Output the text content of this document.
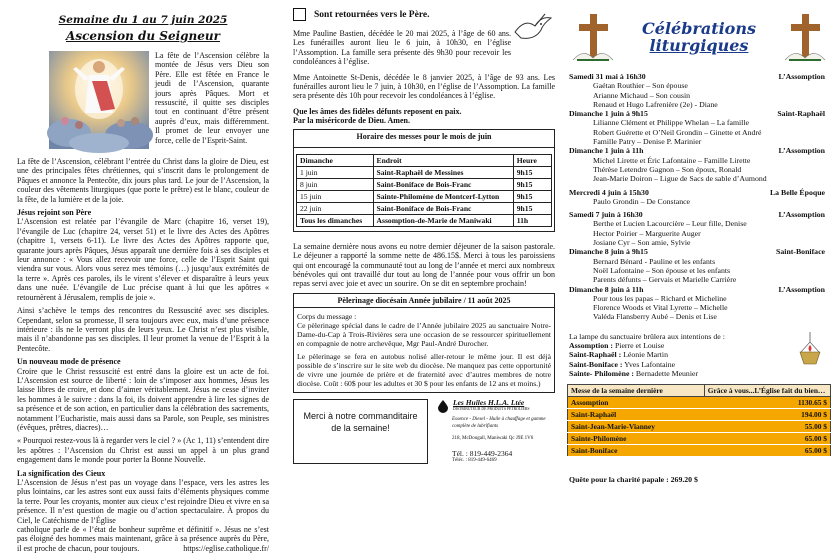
Semaine du 1 au 7 juin 2025
Ascension du Seigneur

La fête de l’Ascension célèbre la montée de Jésus vers Dieu son Père. Elle est fêtée en France le jeudi de l’Ascension, quarante jours après Pâques. Mort et ressuscité, il quitte ses disciples tout en continuant d’être présent auprès d’eux, mais différemment. Il promet de leur envoyer une force, celle de l’Esprit-Saint.

La fête de l’Ascension, célébrant l’entrée du Christ dans la gloire de Dieu, est une des principales fêtes chrétiennes, qui s’inscrit dans le prolongement de Pâques et annonce la Pentecôte, dix jours plus tard. Le jour de l’Ascension, la couleur des vêtements liturgiques (que porte le prêtre) est le blanc, couleur de la fête, de la lumière et de la joie.

Jésus rejoint son Père

L’Ascension est relatée par l’évangile de Marc (chapitre 16, verset 19), l’évangile de Luc (chapitre 24, verset 51) et le livre des Actes des Apôtres (chapitre 1, versets 6-11). Le livre des Actes des Apôtres rapporte que, quarante jours après Pâques, Jésus apparaît une dernière fois à ses disciples et leur annonce : « Vous allez recevoir une force, celle de l’Esprit Saint qui viendra sur vous. Alors vous serez mes témoins (…) jusqu’aux extrémités de la terre ». Après ces paroles, ils le virent s’élever et disparaître à leurs yeux dans une nuée. L’évangile de Luc précise quant à lui que les apôtres « retournèrent à Jérusalem, remplis de joie ».

Ainsi s’achève le temps des rencontres du Ressuscité avec ses disciples. Cependant, selon sa promesse, Il sera toujours avec eux, mais d’une présence intérieure : ils ne le verront plus de leurs yeux. Le Christ n’est plus visible, mais il n’abandonne pas ses disciples. Il leur promet la venue de l’Esprit à la Pentecôte.

Un nouveau mode de présence

Croire que le Christ ressuscité est entré dans la gloire est un acte de foi. L’Ascension est source de liberté : loin de s’imposer aux hommes, Jésus les laisse libres de croire, et donc d’aimer véritablement. Jésus ne cesse d’inviter les hommes à le suivre : dans la foi, ils doivent apprendre à lire les signes de sa présence et de son action, en particulier dans la célébration des sacrements, notamment l’Eucharistie, mais aussi dans sa Parole, son Peuple, ses ministres (évêques, prêtres, diacres)…

« Pourquoi restez-vous là à regarder vers le ciel ? » (Ac 1, 11) s’entendent dire les apôtres : l’Ascension du Christ est aussi un appel à un plus grand engagement dans le monde pour porter la Bonne Nouvelle.

La signification des Cieux

L’Ascension de Jésus n’est pas un voyage dans l’espace, vers les astres les plus lointains, car les astres sont eux aussi faits d’éléments physiques comme la terre. Pour les croyants, monter aux cieux c’est rejoindre Dieu et vivre en sa présence. Il n’est question de magie ou d’action spectaculaire. À propos du Ciel, le Catéchisme de l’Église

catholique parle de « l’état de bonheur suprême et définitif ». Jésus ne s’est pas éloigné des hommes mais maintenant, grâce à sa présence auprès du Père, il est proche de chacun, pour toujours.	https://eglise.catholique.fr/

Sont retournées vers le Père.

Mme Pauline Bastien, décédée le 20 mai 2025, à l’âge de 60 ans. Les funérailles auront lieu le 6 juin, à 10h30, en l’église l’Assomption. La famille sera présente dès 9h30 pour recevoir les condoléances à l’église.

Mme Antoinette St-Denis, décédée le 8 janvier 2025, à l’âge de 93 ans. Les funérailles auront lieu le 7 juin, à 10h30, en l’église de l’Assomption. La famille sera présente dès 10h pour recevoir les condoléances à l’église.

Que les âmes des fidèles défunts reposent en paix.
Par la miséricorde de Dieu. Amen.
Horaire des messes pour le mois de juin
Dimanche	Endroit	Heure
1 juin	Saint-Raphaël de Messines	9h15
8 juin	Saint-Boniface de Bois-Franc	9h15
15 juin	Sainte-Philomène de Montcerf-Lytton	9h15
22 juin	Saint-Boniface de Bois-Franc	9h15
Tous les dimanches	Assomption-de-Marie de Maniwaki	11h

La semaine dernière nous avons eu notre dernier déjeuner de la saison pastorale. Le déjeuner a rapporté la somme nette de 486.15$. Merci à tous les paroissiens qui ont encouragé la communauté tout au long de l’année et merci aux nombreux bénévoles qui ont travaillé dur tout au long de l’année pour vous offrir un bon repas servi avec joie et avec un sourire. On se dit en septembre prochain!

Pèlerinage diocésain Année jubilaire / 11 août 2025

Corps du message :

Ce pèlerinage spécial dans le cadre de l’Année jubilaire 2025 au sanctuaire Notre-Dame-du-Cap à Trois-Rivières sera une occasion de se ressourcer spirituellement en compagnie de notre archevêque, Mgr Paul-André Durocher.

Le pèlerinage se fera en autobus nolisé aller-retour le même jour. Il est déjà possible de s’inscrire sur le site web du diocèse. Ne manquez pas cette opportunité de vivre une journée de prière et de fraternité avec d’autres membres de notre diocèse. Coût : 60$ pour les adultes et 30 $ pour les enfants de 12 ans et moins.)

Merci à notre commanditaire de la semaine!
Les Huiles H.L.A. Ltée
DISTRIBUTEUR DE PRODUITS PÉTROLIERS
Essence - Diesel - Huile à chauffage et gamme complète de lubrifiants
218, McDougall, Maniwaki Qc J9E 1V6
Tél. : 819-449-2364
Téléc. : 819-449-6469
Célébrations
liturgiques
Samedi 31 mai à 16h30	L’Assomption
Gaétan Routhier – Son épouse
Arianne Michaud – Son cousin
Renaud et Hugo Lafrenière (2e) - Diane
Dimanche 1 juin à 9h15	Saint-Raphaël
Lilianne Clément et Philippe Whelan – La famille
Robert Guérette et O’Neil Grondin – Ginette et André
Famille Patry – Denise P. Marinier
Dimanche 1 juin à 11h	L’Assomption
Michel Lirette et Éric Lafontaine – Famille Lirette
Thérèse Letendre Gagnon – Son époux, Ronald
Jean-Marie Doiron – Ligue de Sacs de sable d’Aumond
Mercredi 4 juin à 15h30	La Belle Époque
Paulo Grondin – De Constance
Samedi 7 juin à 16h30	L’Assomption
Berthe et Lucien Lacourcière – Leur fille, Denise
Hector Poirier – Marguerite Auger
Josiane Cyr – Son amie, Sylvie
Dimanche 8 juin à 9h15	Saint-Boniface
Bernard Bénard - Pauline et les enfants
Noël Lafontaine – Son épouse et les enfants
Parents défunts – Gervais et Marielle Carrière
Dimanche 8 juin à 11h	L’Assomption
Pour tous les papas – Richard et Micheline
Florence Woods et Vital Lyrette – Michelle
Valéda Flansberry Aubé – Denis et Lise
La lampe du sanctuaire brûlera aux intentions de :
Assomption : Pierre et Louise
Saint-Raphaël : Léonie Martin
Saint-Boniface : Yves Lafontaine
Sainte- Philomène : Bernadette Meunier
Messe de la semaine dernière	Grâce à vous...L’Église fait du bien…
Assomption	1130.65 $
Saint-Raphaël	194.00 $
Saint-Jean-Marie-Vianney	55.00 $
Sainte-Philomène	65.00 $
Saint-Boniface	65.00 $
Quête pour la charité papale : 269.20 $
